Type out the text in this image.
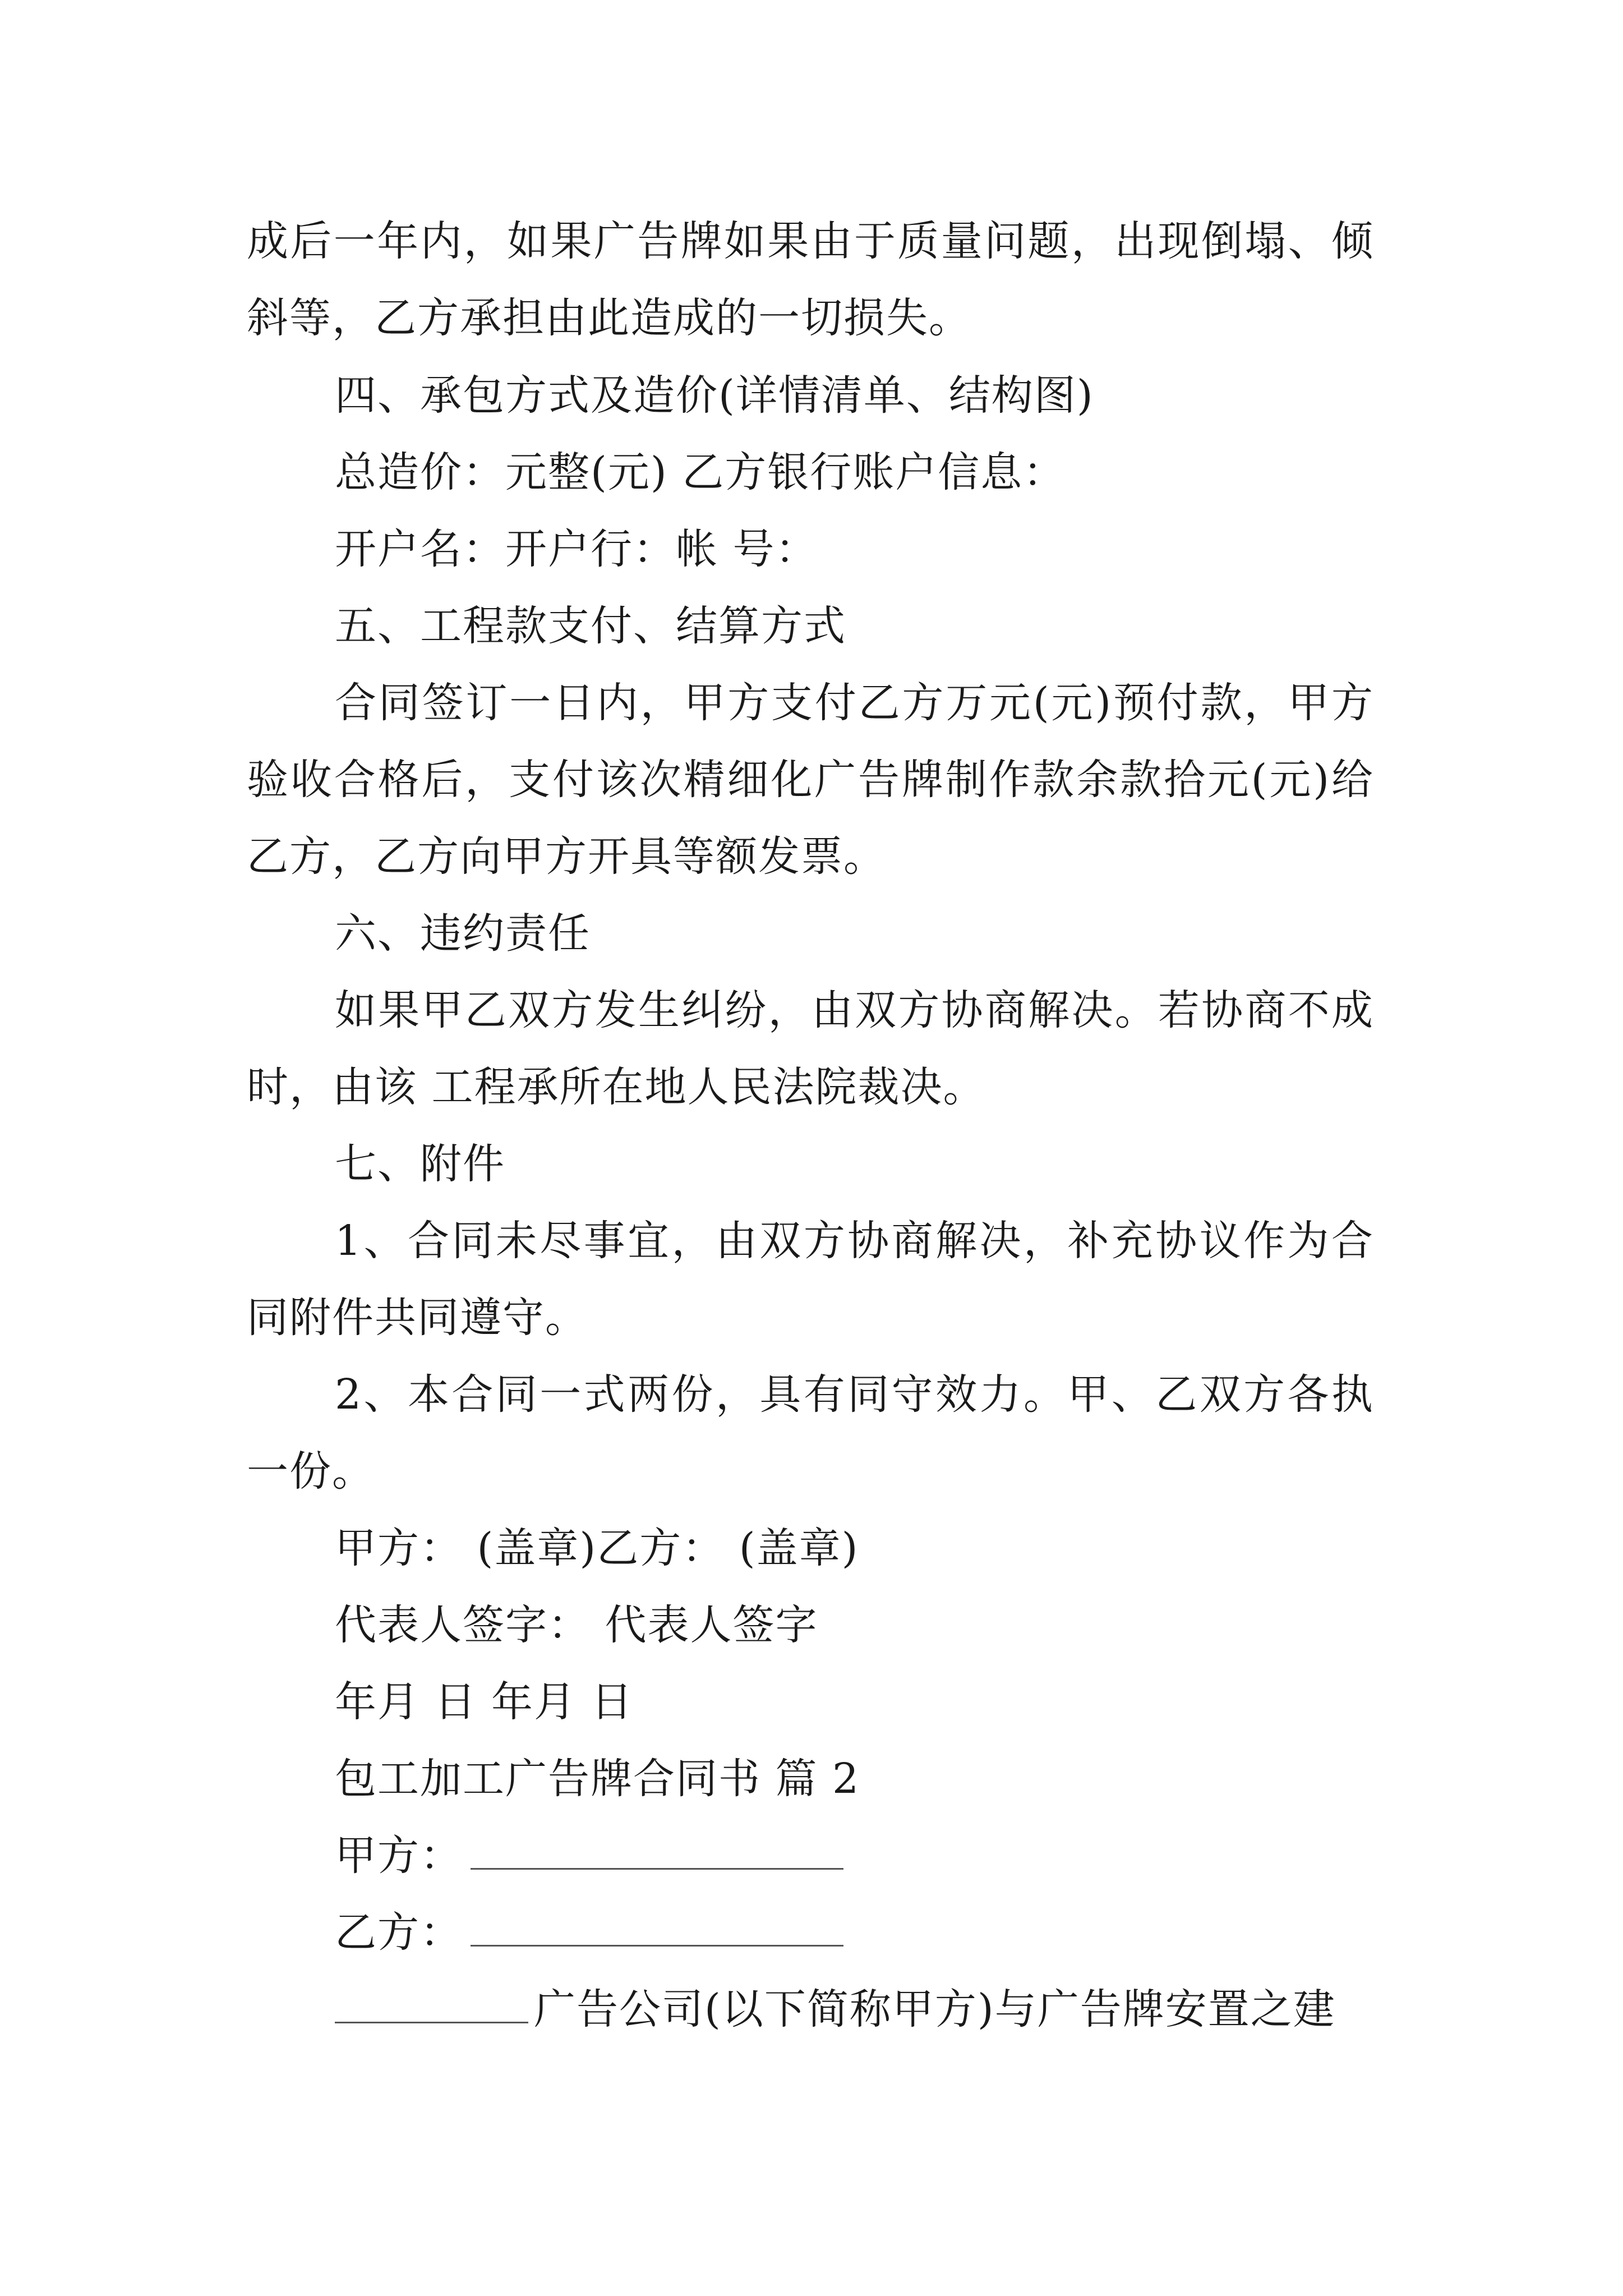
成后一年内，如果广告牌如果由于质量问题，出现倒塌、倾
斜等，乙方承担由此造成的一切损失。
四、承包方式及造价(详情清单、结构图)
总造价：元整(元) 乙方银行账户信息：
开户名：开户行：帐 号：
五、工程款支付、结算方式
合同签订一日内，甲方支付乙方万元(元)预付款，甲方
验收合格后，支付该次精细化广告牌制作款余款拾元(元)给
乙方，乙方向甲方开具等额发票。
六、违约责任
如果甲乙双方发生纠纷，由双方协商解决。若协商不成
时，由该 工程承所在地人民法院裁决。
七、附件
1、合同未尽事宜，由双方协商解决，补充协议作为合
同附件共同遵守。
2、本合同一式两份，具有同守效力。甲、乙双方各执
一份。
甲方： (盖章)乙方： (盖章)
代表人签字： 代表人签字
年月 日 年月 日
包工加工广告牌合同书 篇 2
甲方：
乙方：
广告公司(以下简称甲方)与广告牌安置之建
